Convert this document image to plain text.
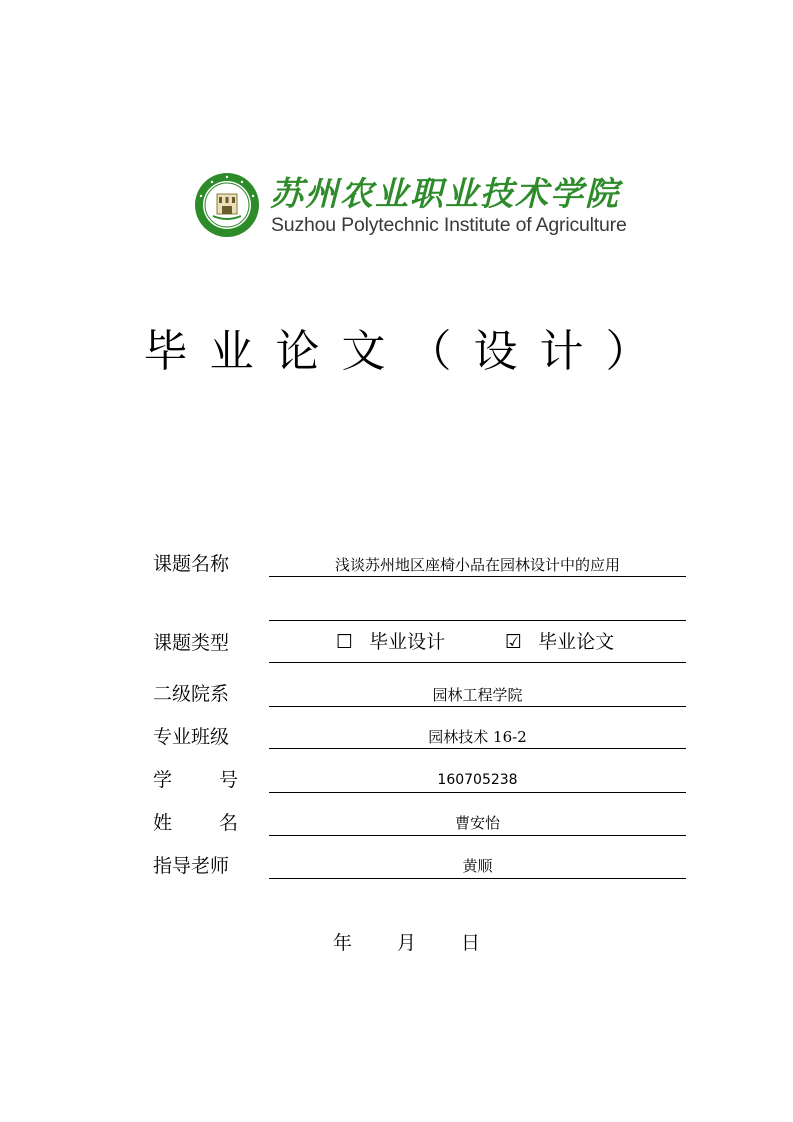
苏州农业职业技术学院
Suzhou Polytechnic Institute of Agriculture
毕业论文（设计）
课题名称	浅谈苏州地区座椅小品在园林设计中的应用
课题类型	☐ 毕业设计	☑ 毕业论文
二级院系	园林工程学院
专业班级	园林技术 16-2
学 号	160705238
姓 名	曹安怡
指导老师	黄顺
年 月 日
